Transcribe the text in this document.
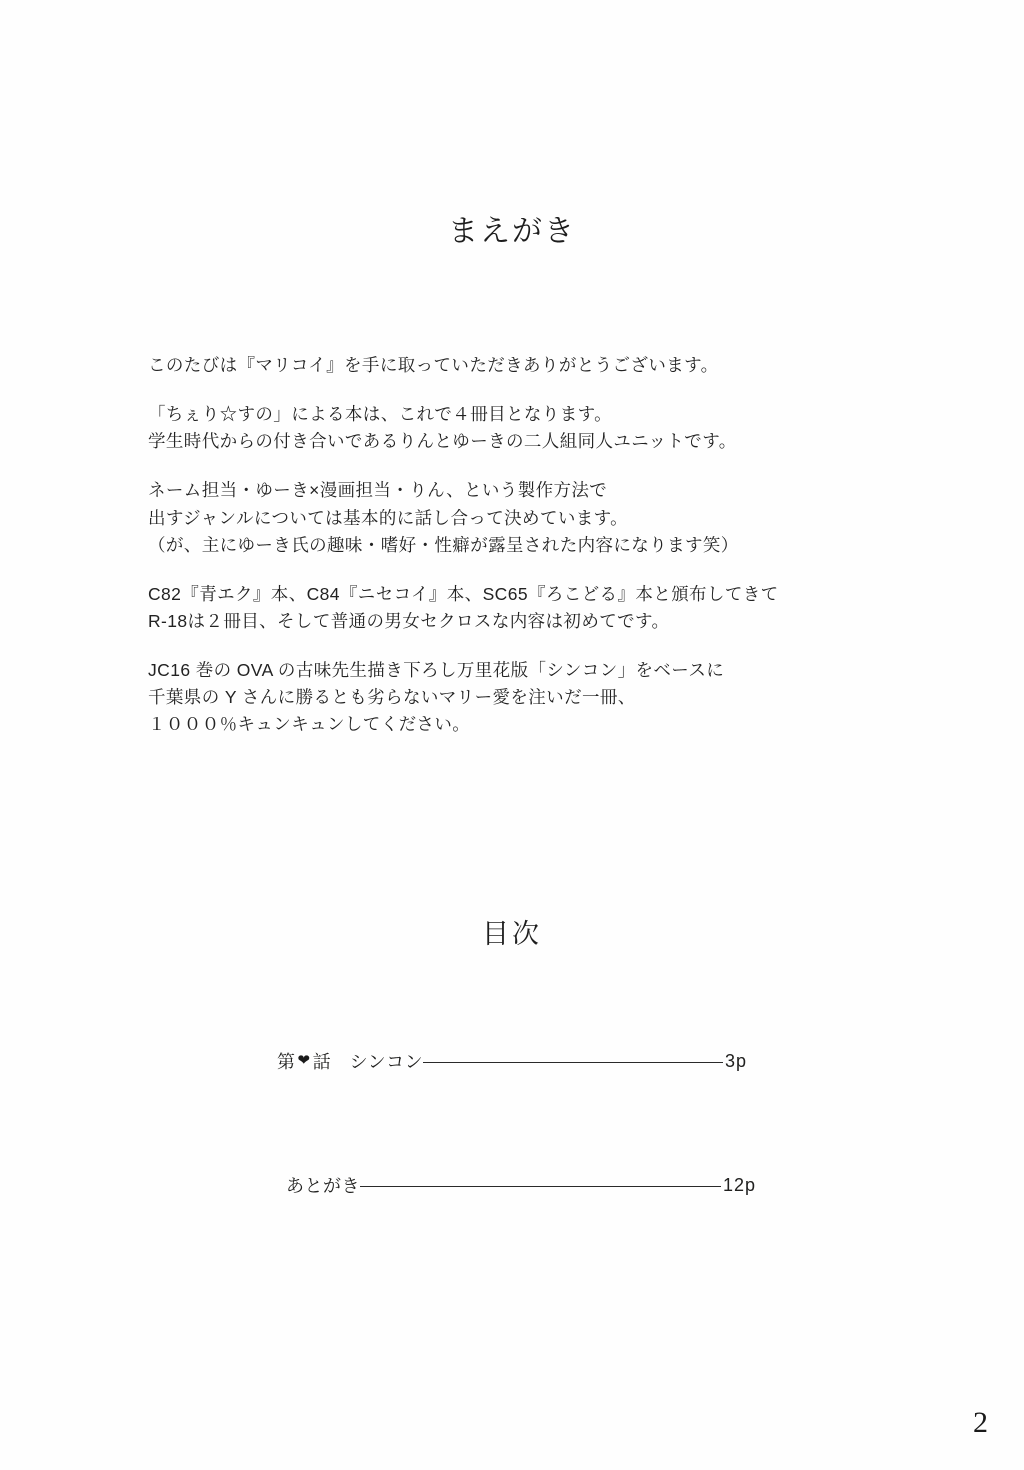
まえがき
このたびは『マリコイ』を手に取っていただきありがとうございます。
「ちぇり☆すの」による本は、これで４冊目となります。
学生時代からの付き合いであるりんとゆーきの二人組同人ユニットです。
ネーム担当・ゆーき×漫画担当・りん、という製作方法で
出すジャンルについては基本的に話し合って決めています。
（が、主にゆーき氏の趣味・嗜好・性癖が露呈された内容になります笑）
C82『青エク』本、C84『ニセコイ』本、SC65『ろこどる』本と頒布してきて
R-18は２冊目、そして普通の男女セクロスな内容は初めてです。
JC16 巻の OVA の古味先生描き下ろし万里花版「シンコン」をベースに
千葉県の Y さんに勝るとも劣らないマリー愛を注いだ一冊、
１０００％キュンキュンしてください。
目次
第 ❤ 話　シンコン	3p
あとがき	12p
2
